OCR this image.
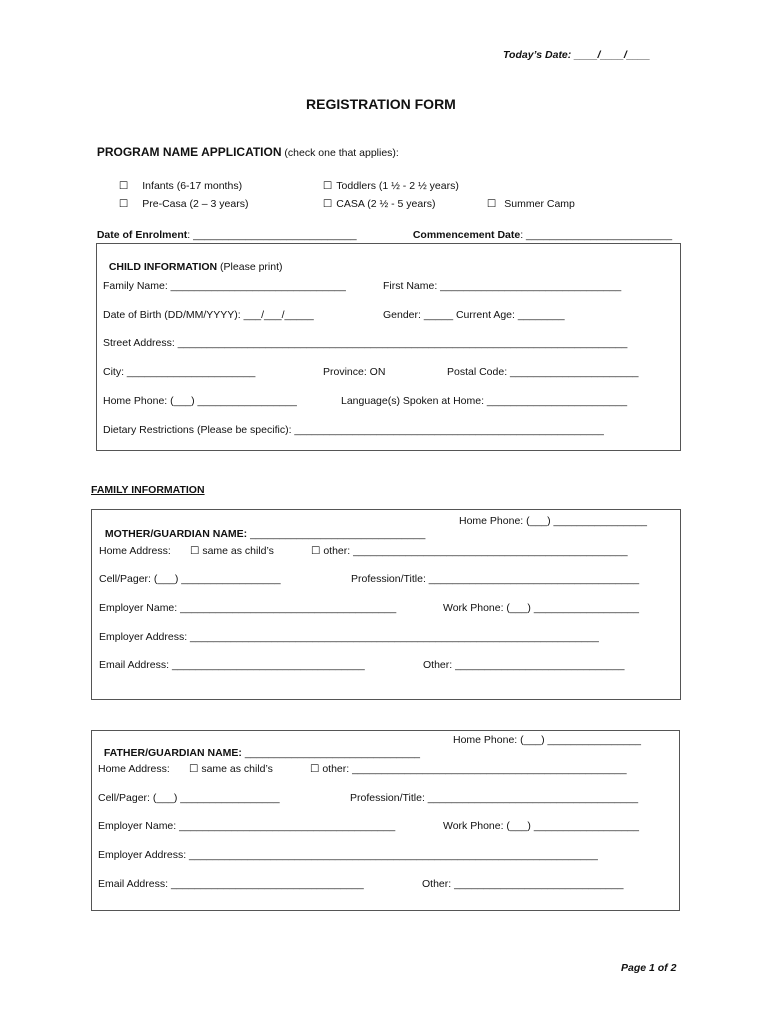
Today’s Date: ____/____/____
REGISTRATION FORM

PROGRAM NAME APPLICATION (check one that applies):

☐ Infants (6-17 months)	☐ Toddlers (1 ½ - 2 ½ years)

☐ Pre-Casa (2 – 3 years)	☐ CASA (2 ½ - 5 years)	☐ Summer Camp

Date of Enrolment: ____________________________	Commencement Date: _________________________

CHILD INFORMATION (Please print)

Family Name: ______________________________	First Name: _______________________________
Date of Birth (DD/MM/YYYY): ___/___/_____	Gender: _____ Current Age: ________
Street Address: _____________________________________________________________________________
City: ______________________	Province: ON	Postal Code: ______________________
Home Phone: (___) _________________	Language(s) Spoken at Home: ________________________
Dietary Restrictions (Please be specific): _____________________________________________________
FAMILY INFORMATION

MOTHER/GUARDIAN NAME: ______________________________

Home Phone: (___) ________________
Home Address: ☐ same as child’s	☐ other: _______________________________________________
Cell/Pager: (___) _________________	Profession/Title: ____________________________________
Employer Name: _____________________________________	Work Phone: (___) __________________
Employer Address: ______________________________________________________________________
Email Address: _________________________________	Other: _____________________________

FATHER/GUARDIAN NAME: ______________________________

Home Phone: (___) ________________
Home Address: ☐ same as child’s	☐ other: _______________________________________________
Cell/Pager: (___) _________________	Profession/Title: ____________________________________
Employer Name: _____________________________________	Work Phone: (___) __________________
Employer Address: ______________________________________________________________________
Email Address: _________________________________	Other: _____________________________
Page 1 of 2
